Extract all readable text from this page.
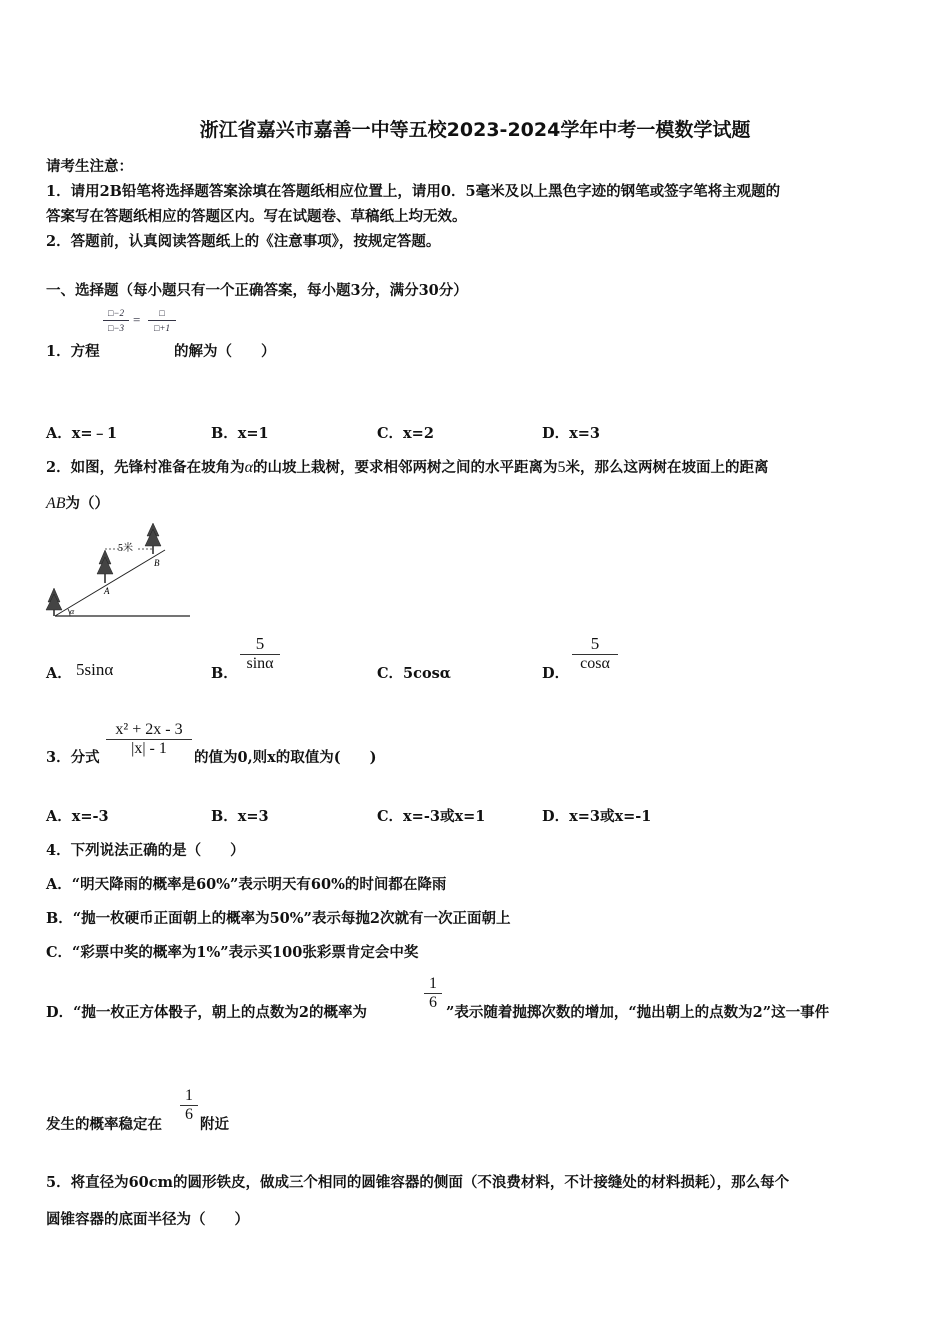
浙江省嘉兴市嘉善一中等五校2023-2024学年中考一模数学试题
请考生注意：
1．请用2B铅笔将选择题答案涂填在答题纸相应位置上，请用0．5毫米及以上黑色字迹的钢笔或签字笔将主观题的
答案写在答题纸相应的答题区内。写在试题卷、草稿纸上均无效。
2．答题前，认真阅读答题纸上的《注意事项》，按规定答题。
一、选择题（每小题只有一个正确答案，每小题3分，满分30分）
□−2
□−3
=	□
□+1
1．方程	的解为（　　）
A．x=﹣1	B．x=1	C．x=2	D．x=3
2．如图，先锋村准备在坡角为α的山坡上栽树，要求相邻两树之间的水平距离为5米，那么这两树在坡面上的距离
AB为（）
α
5米
A
B
A． 5sinα	B．
5
sinα
C．5cosα	D．
5
cosα
3．分式
x² + 2x - 3
|x| - 1
的值为0,则x的取值为(　　)
A．x=-3	B．x=3	C．x=-3或x=1	D．x=3或x=-1
4．下列说法正确的是（　　）
A．“明天降雨的概率是60%”表示明天有60%的时间都在降雨
B．“抛一枚硬币正面朝上的概率为50%”表示每抛2次就有一次正面朝上
C．“彩票中奖的概率为1%”表示买100张彩票肯定会中奖
D．“抛一枚正方体骰子，朝上的点数为2的概率为
1
6
”表示随着抛掷次数的增加，“抛出朝上的点数为2”这一事件
发生的概率稳定在
1
6
附近
5．将直径为60cm的圆形铁皮，做成三个相同的圆锥容器的侧面（不浪费材料，不计接缝处的材料损耗），那么每个
圆锥容器的底面半径为（　　）
